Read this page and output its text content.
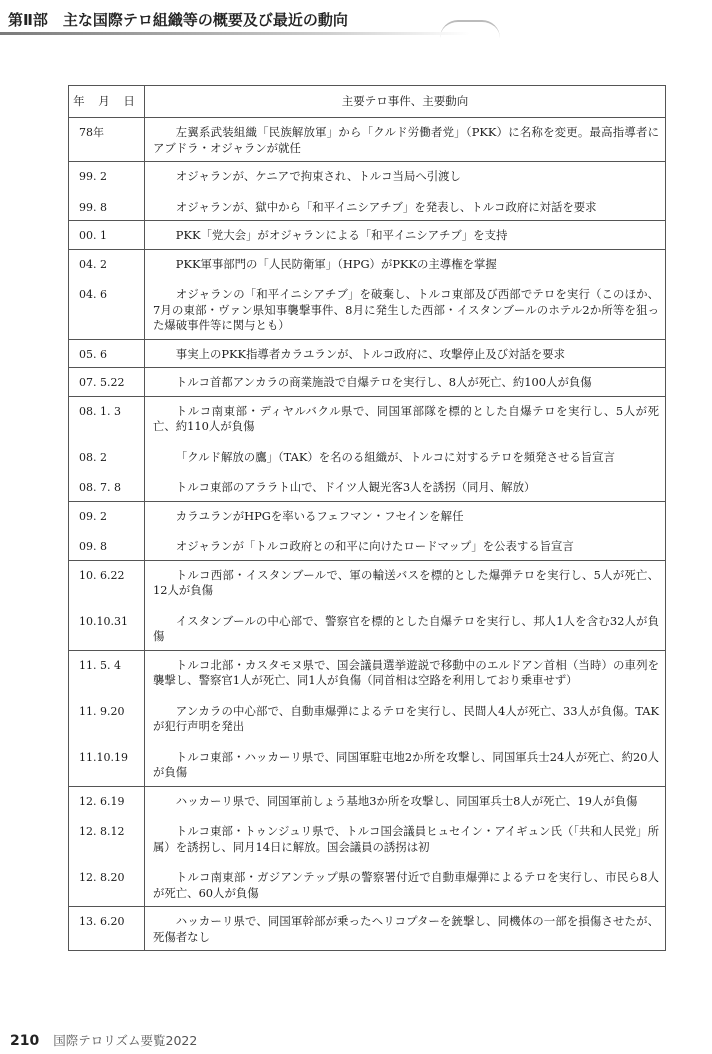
第Ⅱ部　主な国際テロ組織等の概要及び最近の動向
年 月 日	主要テロ事件、主要動向
78年	左翼系武装組織「民族解放軍」から「クルド労働者党」（PKK）に名称を変更。最高指導者にアブドラ・オジャランが就任
99. 2	オジャランが、ケニアで拘束され、トルコ当局へ引渡し
99. 8	オジャランが、獄中から「和平イニシアチブ」を発表し、トルコ政府に対話を要求
00. 1	PKK「党大会」がオジャランによる「和平イニシアチブ」を支持
04. 2	PKK軍事部門の「人民防衛軍」（HPG）がPKKの主導権を掌握
04. 6	オジャランの「和平イニシアチブ」を破棄し、トルコ東部及び西部でテロを実行（このほか、7月の東部・ヴァン県知事襲撃事件、8月に発生した西部・イスタンブールのホテル2か所等を狙った爆破事件等に関与とも）
05. 6	事実上のPKK指導者カラユランが、トルコ政府に、攻撃停止及び対話を要求
07. 5.22	トルコ首都アンカラの商業施設で自爆テロを実行し、8人が死亡、約100人が負傷
08. 1. 3	トルコ南東部・ディヤルバクル県で、同国軍部隊を標的とした自爆テロを実行し、5人が死亡、約110人が負傷
08. 2	「クルド解放の鷹」（TAK）を名のる組織が、トルコに対するテロを頻発させる旨宣言
08. 7. 8	トルコ東部のアララト山で、ドイツ人観光客3人を誘拐（同月、解放）
09. 2	カラユランがHPGを率いるフェフマン・フセインを解任
09. 8	オジャランが「トルコ政府との和平に向けたロードマップ」を公表する旨宣言
10. 6.22	トルコ西部・イスタンブールで、軍の輸送バスを標的とした爆弾テロを実行し、5人が死亡、12人が負傷
10.10.31	イスタンブールの中心部で、警察官を標的とした自爆テロを実行し、邦人1人を含む32人が負傷
11. 5. 4	トルコ北部・カスタモヌ県で、国会議員選挙遊説で移動中のエルドアン首相（当時）の車列を襲撃し、警察官1人が死亡、同1人が負傷（同首相は空路を利用しており乗車せず）
11. 9.20	アンカラの中心部で、自動車爆弾によるテロを実行し、民間人4人が死亡、33人が負傷。TAKが犯行声明を発出
11.10.19	トルコ東部・ハッカーリ県で、同国軍駐屯地2か所を攻撃し、同国軍兵士24人が死亡、約20人が負傷
12. 6.19	ハッカーリ県で、同国軍前しょう基地3か所を攻撃し、同国軍兵士8人が死亡、19人が負傷
12. 8.12	トルコ東部・トゥンジュリ県で、トルコ国会議員ヒュセイン・アイギュン氏（「共和人民党」所属）を誘拐し、同月14日に解放。国会議員の誘拐は初
12. 8.20	トルコ南東部・ガジアンテップ県の警察署付近で自動車爆弾によるテロを実行し、市民ら8人が死亡、60人が負傷
13. 6.20	ハッカーリ県で、同国軍幹部が乗ったヘリコプターを銃撃し、同機体の一部を損傷させたが、死傷者なし
210 国際テロリズム要覧2022
